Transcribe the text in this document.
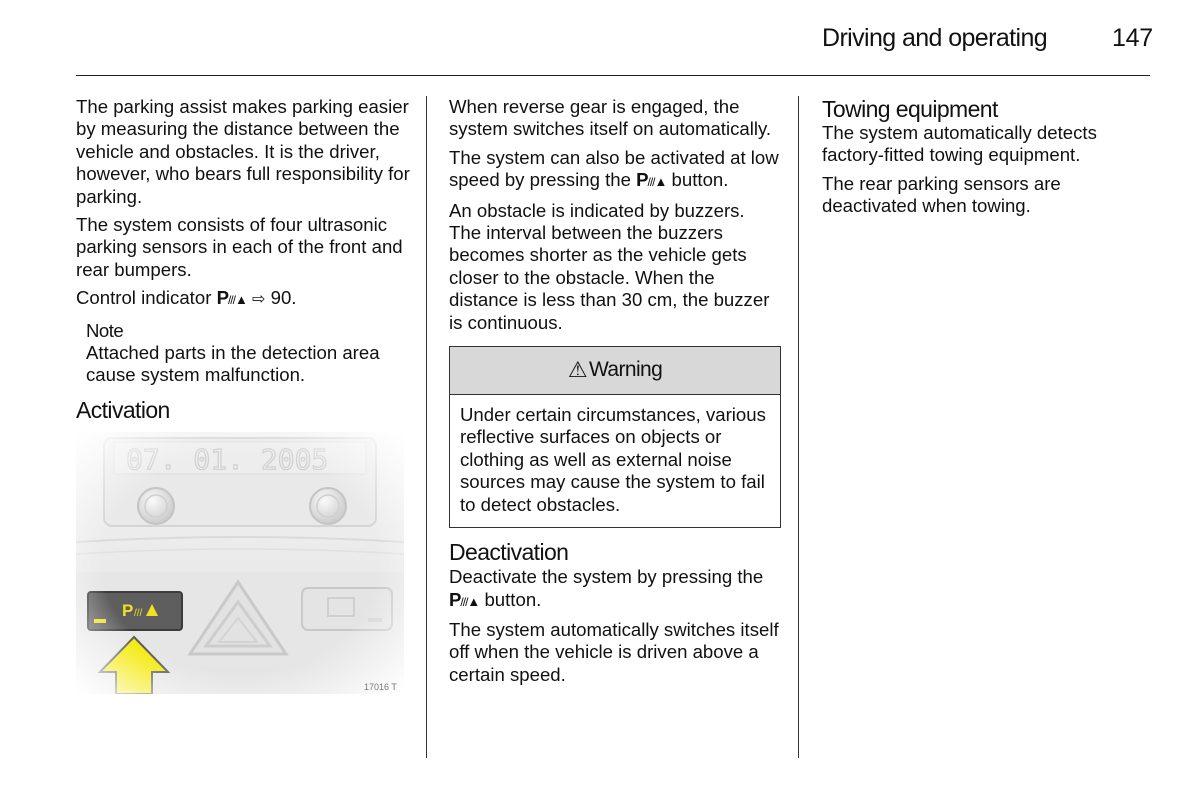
Driving and operating	147

The parking assist makes parking easier by measuring the distance between the vehicle and obstacles. It is the driver, however, who bears full responsibility for parking.

The system consists of four ultrasonic parking sensors in each of the front and rear bumpers.

Control indicator P///▲ ⇨ 90.

Note
Attached parts in the detection area cause system malfunction.
Activation
17016 T

When reverse gear is engaged, the system switches itself on automatically.

The system can also be activated at low speed by pressing the P///▲ button.

An obstacle is indicated by buzzers. The interval between the buzzers becomes shorter as the vehicle gets closer to the obstacle. When the distance is less than 30 cm, the buzzer is continuous.

⚠ Warning
Under certain circumstances, various reflective surfaces on objects or clothing as well as external noise sources may cause the system to fail to detect obstacles.
Deactivation

Deactivate the system by pressing the P///▲ button.

The system automatically switches itself off when the vehicle is driven above a certain speed.

Towing equipment

The system automatically detects factory-fitted towing equipment.

The rear parking sensors are deactivated when towing.
